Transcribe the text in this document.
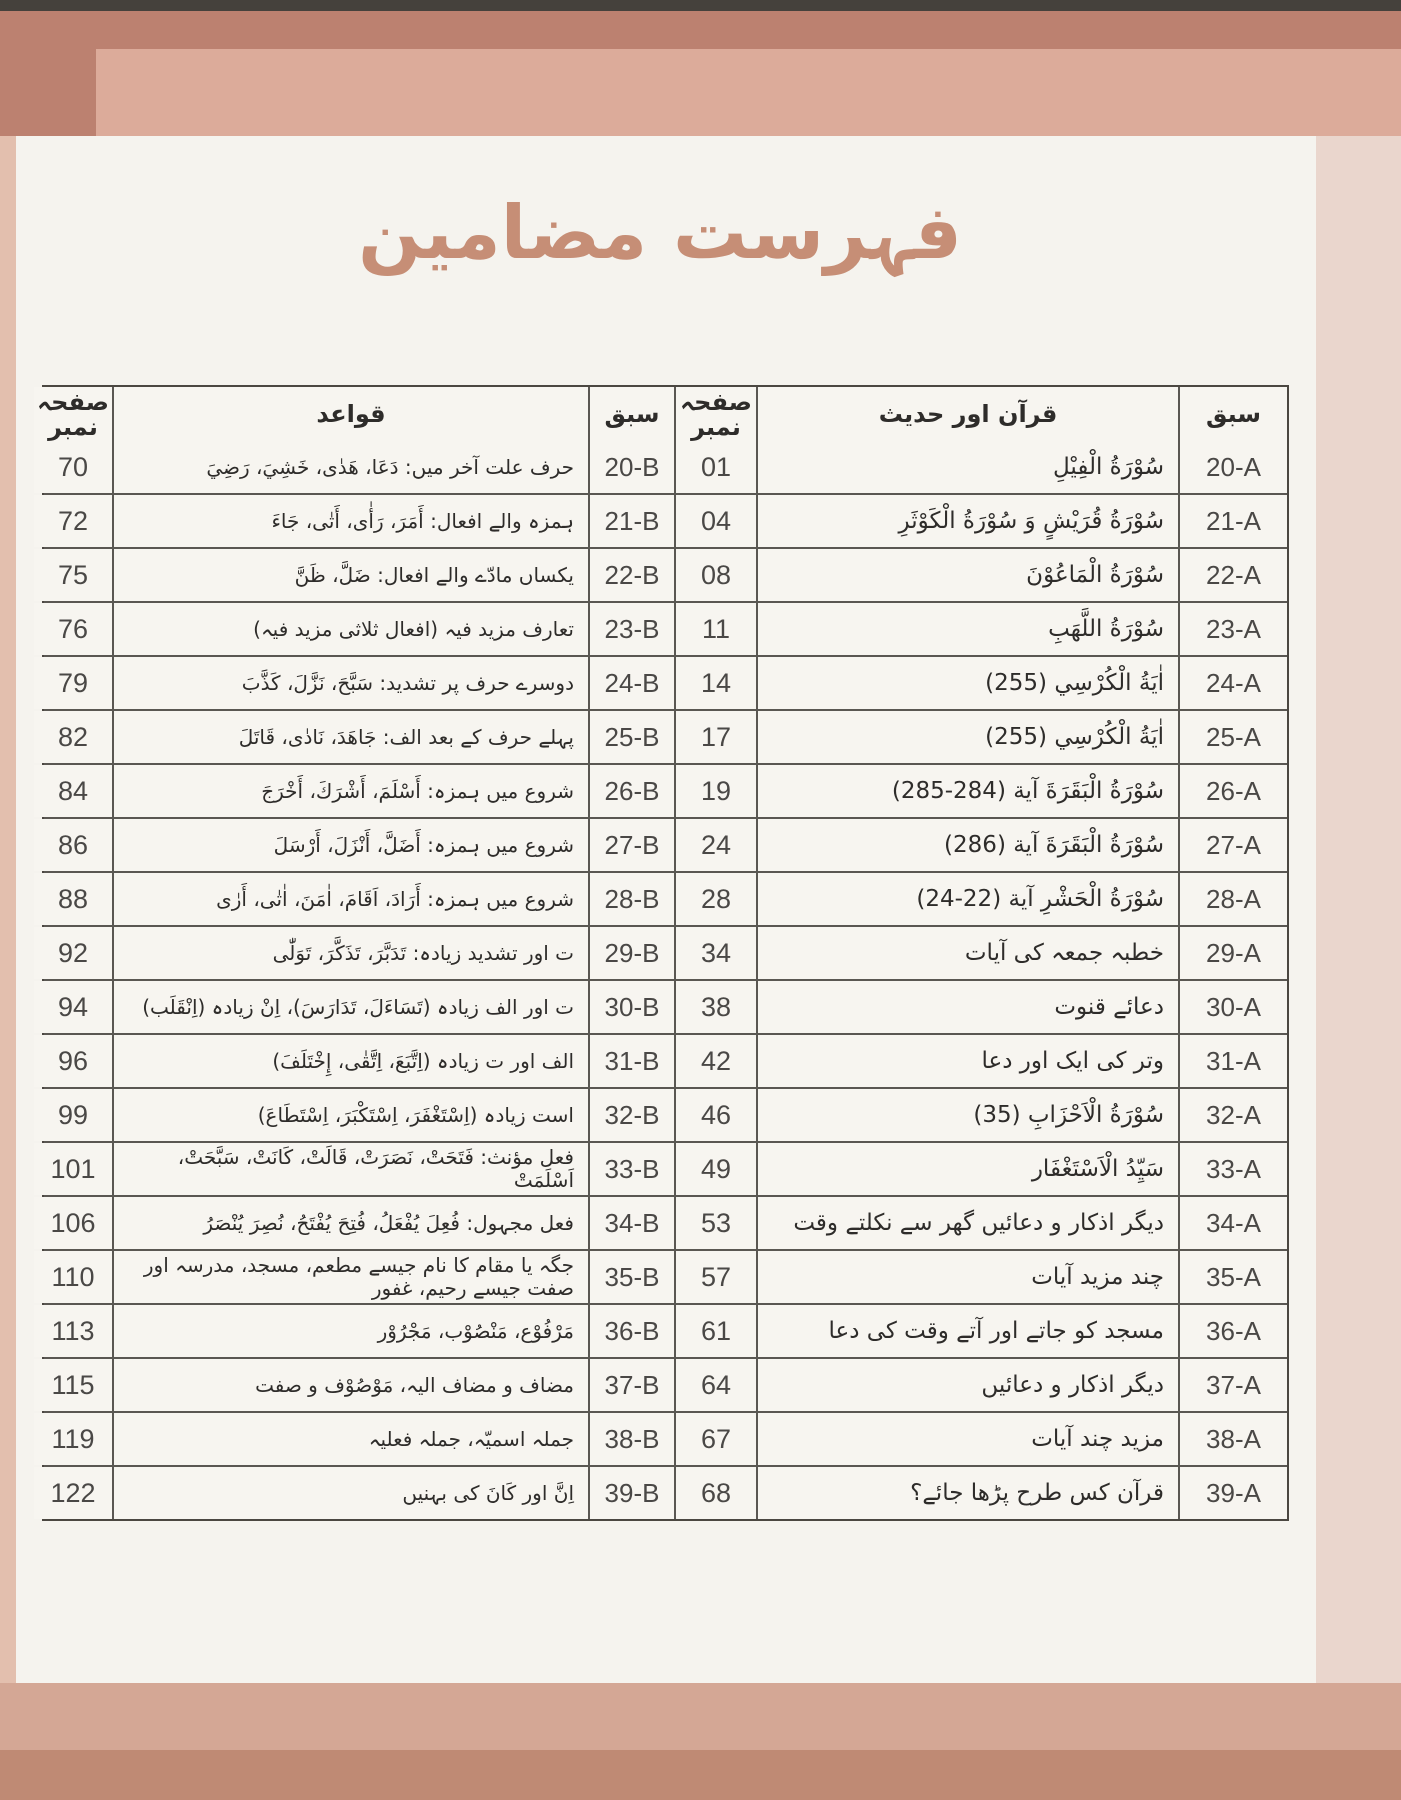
فہرست مضامین
سبق
قرآن اور حدیث
صفحہ نمبر
سبق
قواعد
صفحہ نمبر
20-A
سُوْرَةُ الْفِيْلِ
01
20-B
حرف علت آخر میں: دَعَا، هَدٰى، خَشِيَ، رَضِيَ
70
21-A
سُوْرَةُ قُرَيْشٍ وَ سُوْرَةُ الْكَوْثَرِ
04
21-B
ہمزہ والے افعال: أَمَرَ، رَأٰى، أَتٰى، جَاءَ
72
22-A
سُوْرَةُ الْمَاعُوْنَ
08
22-B
یکساں مادّے والے افعال: ضَلَّ، ظَنَّ
75
23-A
سُوْرَةُ اللَّهَبِ
11
23-B
تعارف مزید فیہ (افعال ثلاثی مزید فیہ)
76
24-A
اٰیَةُ الْكُرْسِي (255)
14
24-B
دوسرے حرف پر تشدید: سَبَّحَ، نَزَّلَ، كَذَّبَ
79
25-A
اٰیَةُ الْكُرْسِي (255)
17
25-B
پہلے حرف کے بعد الف: جَاهَدَ، نَادٰى، قَاتَلَ
82
26-A
سُوْرَةُ الْبَقَرَةَ آیة (284-285)
19
26-B
شروع میں ہمزہ: أَسْلَمَ، أَشْرَكَ، أَخْرَجَ
84
27-A
سُوْرَةُ الْبَقَرَةَ آیة (286)
24
27-B
شروع میں ہمزہ: أَضَلَّ، أَنْزَلَ، أَرْسَلَ
86
28-A
سُوْرَةُ الْحَشْرِ آیة (22-24)
28
28-B
شروع میں ہمزہ: أَرَادَ، اَقَامَ، اٰمَنَ، اٰتٰى، أَرٰى
88
29-A
خطبہ جمعہ کی آیات
34
29-B
ت اور تشدید زیادہ: تَدَبَّرَ، تَذَكَّرَ، تَوَلّٰى
92
30-A
دعائے قنوت
38
30-B
ت اور الف زیادہ (تَسَاءَلَ، تَدَارَسَ)، اِنْ زیادہ (اِنْقَلَب)
94
31-A
وتر کی ایک اور دعا
42
31-B
الف اور ت زیادہ (اِتَّبَعَ، اِتَّقٰى، إِخْتَلَفَ)
96
32-A
سُوْرَةُ الْاَحْزَابِ (35)
46
32-B
است زیادہ (اِسْتَغْفَرَ، اِسْتَكْبَرَ، اِسْتَطَاعَ)
99
33-A
سَیِّدُ الْاَسْتَغْفَار
49
33-B
فعل مؤنث: فَتَحَتْ، نَصَرَتْ، قَالَتْ، كَانَتْ، سَبَّحَتْ، اَسْلَمَتْ
101
34-A
دیگر اذکار و دعائیں گھر سے نکلتے وقت
53
34-B
فعل مجہول: فُعِلَ یُفْعَلُ، فُتِحَ یُفْتَحُ، نُصِرَ یُنْصَرُ
106
35-A
چند مزید آیات
57
35-B
جگہ یا مقام کا نام جیسے مطعم، مسجد، مدرسہ اور صفت جیسے رحیم، غفور
110
36-A
مسجد کو جاتے اور آتے وقت کی دعا
61
36-B
مَرْفُوْع، مَنْصُوْب، مَجْرُوْر
113
37-A
دیگر اذکار و دعائیں
64
37-B
مضاف و مضاف الیہ، مَوْصُوْف و صفت
115
38-A
مزید چند آیات
67
38-B
جملہ اسمیّہ، جملہ فعلیہ
119
39-A
قرآن کس طرح پڑھا جائے؟
68
39-B
اِنَّ اور كَانَ کی بہنیں
122
